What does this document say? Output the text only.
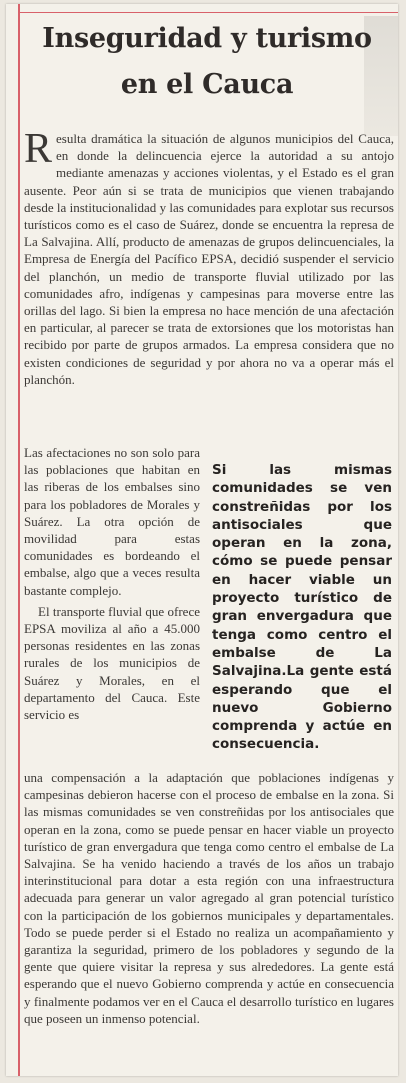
Inseguridad y turismo en el Cauca
Resulta dramática la situación de algunos municipios del Cauca, en donde la delincuencia ejerce la autoridad a su antojo mediante amenazas y acciones violentas, y el Estado es el gran ausente. Peor aún si se trata de municipios que vienen trabajando desde la institucionalidad y las comunidades para explotar sus recursos turísticos como es el caso de Suárez, donde se encuentra la represa de La Salvajina. Allí, producto de amenazas de grupos delincuenciales, la Empresa de Energía del Pacífico EPSA, decidió suspender el servicio del planchón, un medio de transporte fluvial utilizado por las comunidades afro, indígenas y campesinas para moverse entre las orillas del lago. Si bien la empresa no hace mención de una afectación en particular, al parecer se trata de extorsiones que los motoristas han recibido por parte de grupos armados. La empresa considera que no existen condiciones de seguridad y por ahora no va a operar más el planchón.

Las afectaciones no son solo para las poblaciones que habitan en las riberas de los embalses sino para los pobladores de Morales y Suárez. La otra opción de movilidad para estas comunidades es bordeando el embalse, algo que a veces resulta bastante complejo.

El transporte fluvial que ofrece EPSA moviliza al año a 45.000 personas residentes en las zonas rurales de los municipios de Suárez y Morales, en el departamento del Cauca. Este servicio es

Si las mismas comunidades se ven constreñidas por los antisociales que operan en la zona, cómo se puede pensar en hacer viable un proyecto turístico de gran envergadura que tenga como centro el embalse de La Salvajina.La gente está esperando que el nuevo Gobierno comprenda y actúe en consecuencia.

una compensación a la adaptación que poblaciones indígenas y campesinas debieron hacerse con el proceso de embalse en la zona. Si las mismas comunidades se ven constreñidas por los antisociales que operan en la zona, como se puede pensar en hacer viable un proyecto turístico de gran envergadura que tenga como centro el embalse de La Salvajina. Se ha venido haciendo a través de los años un trabajo interinstitucional para dotar a esta región con una infraestructura adecuada para generar un valor agregado al gran potencial turístico con la participación de los gobiernos municipales y departamentales. Todo se puede perder si el Estado no realiza un acompañamiento y garantiza la seguridad, primero de los pobladores y segundo de la gente que quiere visitar la represa y sus alrededores. La gente está esperando que el nuevo Gobierno comprenda y actúe en consecuencia y finalmente podamos ver en el Cauca el desarrollo turístico en lugares que poseen un inmenso potencial.
